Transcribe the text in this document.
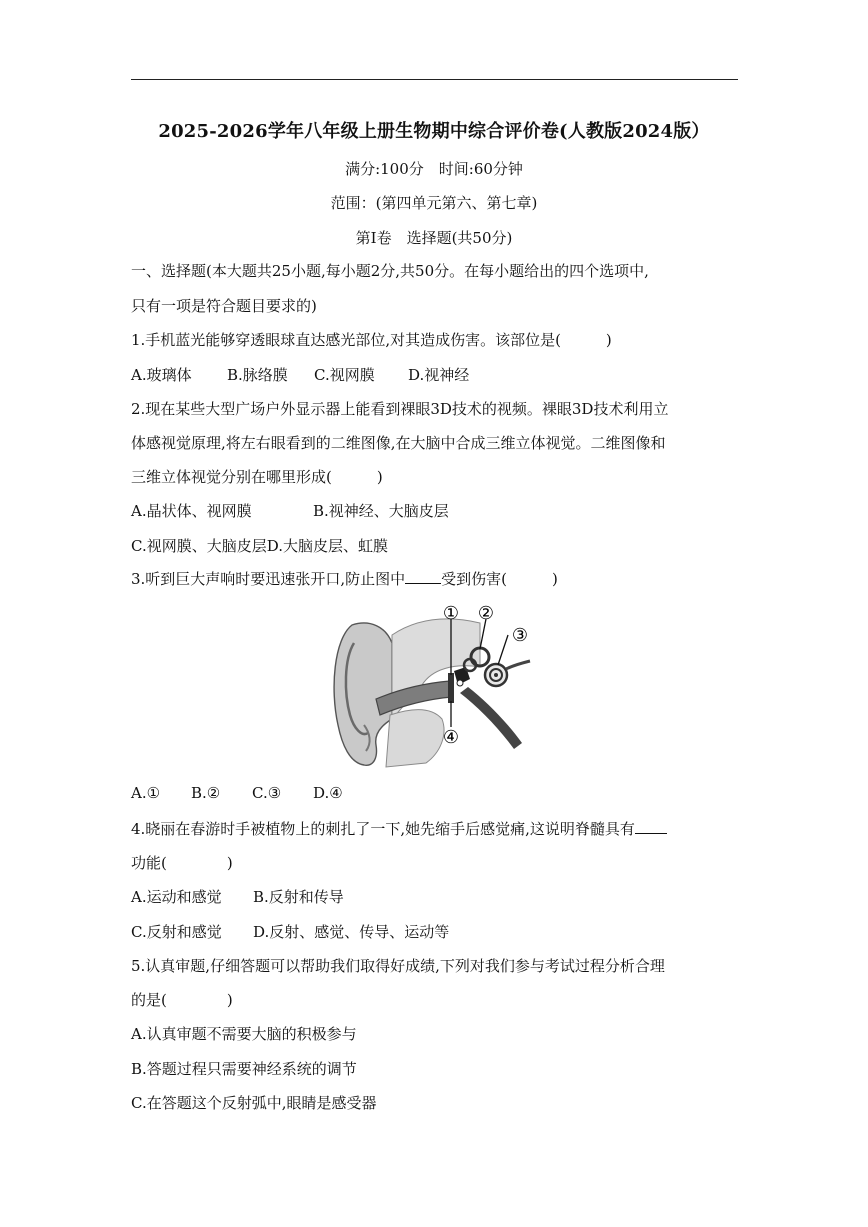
2025-2026学年八年级上册生物期中综合评价卷(人教版2024版）
满分:100分　时间:60分钟
范围：(第四单元第六、第七章)
第Ⅰ卷　选择题(共50分)
一、选择题(本大题共25小题,每小题2分,共50分。在每小题给出的四个选项中,
只有一项是符合题目要求的)
1.手机蓝光能够穿透眼球直达感光部位,对其造成伤害。该部位是(　　　)
A.玻璃体 B.脉络膜 C.视网膜 D.视神经
2.现在某些大型广场户外显示器上能看到裸眼3D技术的视频。裸眼3D技术利用立
体感视觉原理,将左右眼看到的二维图像,在大脑中合成三维立体视觉。二维图像和
三维立体视觉分别在哪里形成(　　　)
A.晶状体、视网膜	B.视神经、大脑皮层
C.视网膜、大脑皮层D.大脑皮层、虹膜
3.听到巨大声响时要迅速张开口,防止图中 受到伤害(　　　)
① ②
③
④
A.① B.② C.③ D.④
4.晓丽在春游时手被植物上的刺扎了一下,她先缩手后感觉痛,这说明脊髓具有
功能(　　　　)
A.运动和感觉 B.反射和传导
C.反射和感觉 D.反射、感觉、传导、运动等
5.认真审题,仔细答题可以帮助我们取得好成绩,下列对我们参与考试过程分析合理
的是(　　　　)
A.认真审题不需要大脑的积极参与
B.答题过程只需要神经系统的调节
C.在答题这个反射弧中,眼睛是感受器
